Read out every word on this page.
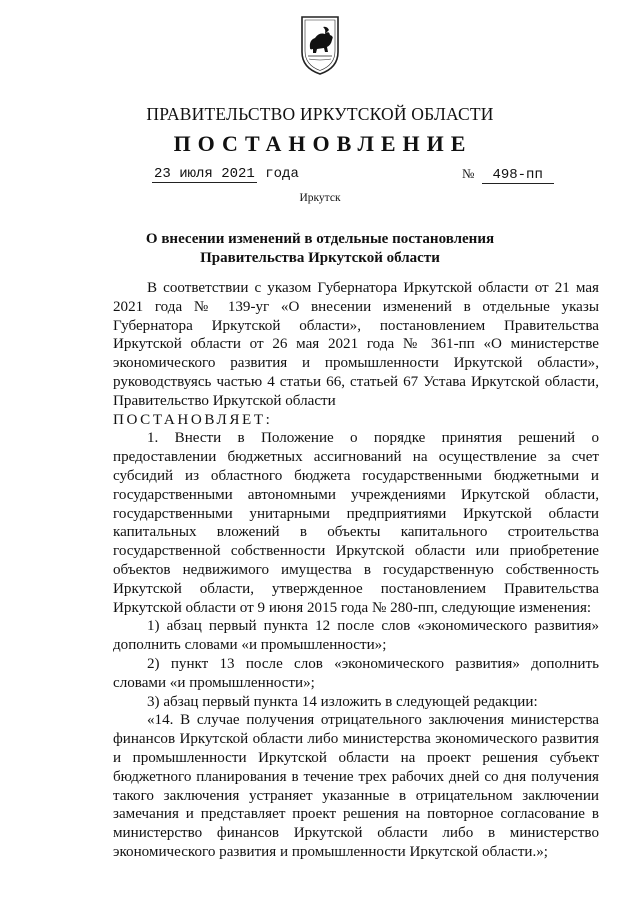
ПРАВИТЕЛЬСТВО ИРКУТСКОЙ ОБЛАСТИ
ПОСТАНОВЛЕНИЕ
23 июля 2021 года	№ 498-пп
Иркутск
О внесении изменений в отдельные постановления Правительства Иркутской области

В соответствии с указом Губернатора Иркутской области от 21 мая 2021 года № 139-уг «О внесении изменений в отдельные указы Губернатора Иркутской области», постановлением Правительства Иркутской области от 26 мая 2021 года № 361-пп «О министерстве экономического развития и промышленности Иркутской области», руководствуясь частью 4 статьи 66, статьей 67 Устава Иркутской области, Правительство Иркутской области

ПОСТАНОВЛЯЕТ:

1. Внести в Положение о порядке принятия решений о предоставлении бюджетных ассигнований на осуществление за счет субсидий из областного бюджета государственными бюджетными и государственными автономными учреждениями Иркутской области, государственными унитарными предприятиями Иркутской области капитальных вложений в объекты капитального строительства государственной собственности Иркутской области или приобретение объектов недвижимого имущества в государственную собственность Иркутской области, утвержденное постановлением Правительства Иркутской области от 9 июня 2015 года № 280-пп, следующие изменения:

1) абзац первый пункта 12 после слов «экономического развития» дополнить словами «и промышленности»;

2) пункт 13 после слов «экономического развития» дополнить словами «и промышленности»;

3) абзац первый пункта 14 изложить в следующей редакции:

«14. В случае получения отрицательного заключения министерства финансов Иркутской области либо министерства экономического развития и промышленности Иркутской области на проект решения субъект бюджетного планирования в течение трех рабочих дней со дня получения такого заключения устраняет указанные в отрицательном заключении замечания и представляет проект решения на повторное согласование в министерство финансов Иркутской области либо в министерство экономического развития и промышленности Иркутской области.»;
